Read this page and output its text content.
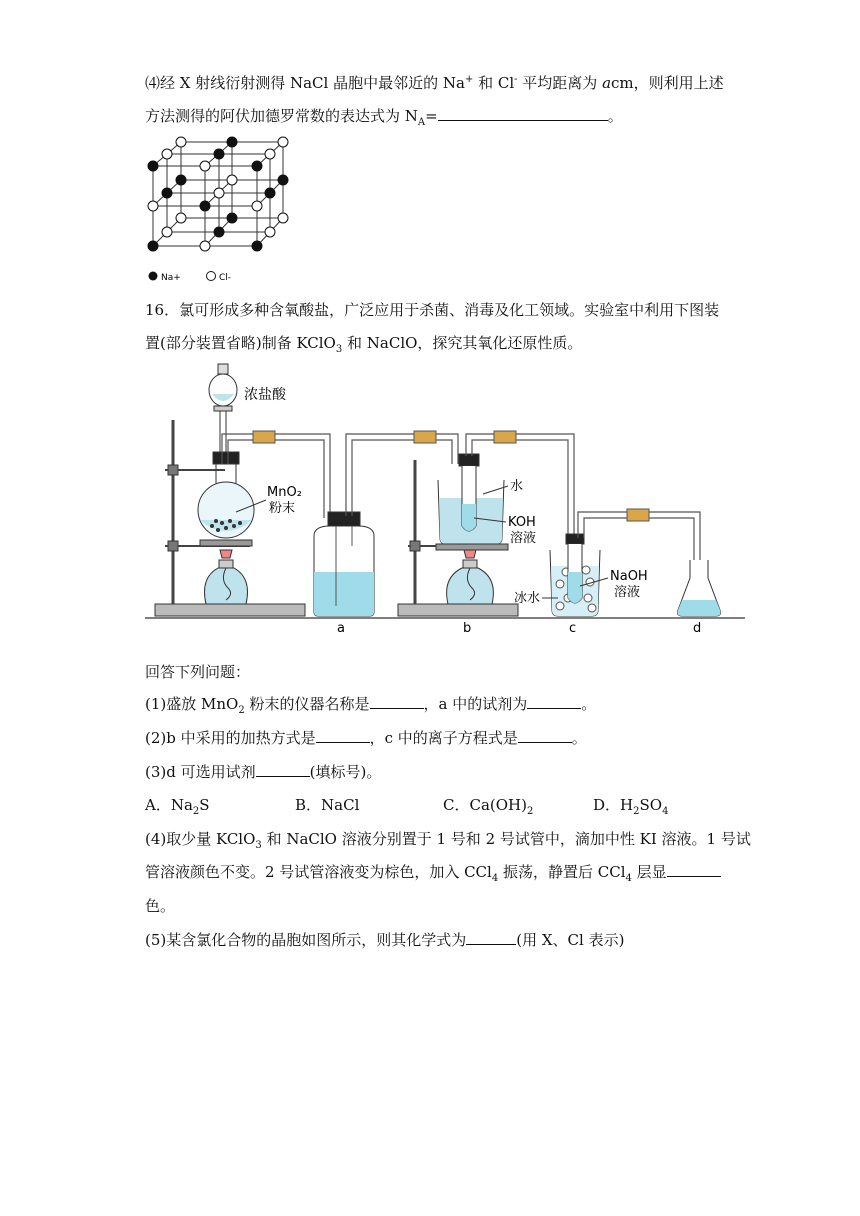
⑷经 X 射线衍射测得 NaCl 晶胞中最邻近的 Na+ 和 Cl- 平均距离为 acm，则利用上述
方法测得的阿伏加德罗常数的表达式为 $N_A=$	。
Na+	Cl-
16．氯可形成多种含氧酸盐，广泛应用于杀菌、消毒及化工领域。实验室中利用下图装
置(部分装置省略)制备 KClO$_3$ 和 NaClO，探究其氧化还原性质。
浓盐酸
MnO₂
粉末
水
KOH
溶液
NaOH
溶液
冰水
a	b	c	d
回答下列问题：
(1)盛放 MnO$_2$ 粉末的仪器名称是	，a 中的试剂为	。
(2)b 中采用的加热方式是	，c 中的离子方程式是	。
(3)d 可选用试剂	(填标号)。
A．$Na_2S$	B．NaCl	C．$Ca(OH)_2$	D．$H_2SO_4$
(4)取少量 KClO$_3$ 和 NaClO 溶液分别置于 1 号和 2 号试管中，滴加中性 KI 溶液。1 号试
管溶液颜色不变。2 号试管溶液变为棕色，加入 CCl$_4$ 振荡，静置后 CCl$_4$ 层显
色。
(5)某含氯化合物的晶胞如图所示，则其化学式为	(用 X、Cl 表示)
